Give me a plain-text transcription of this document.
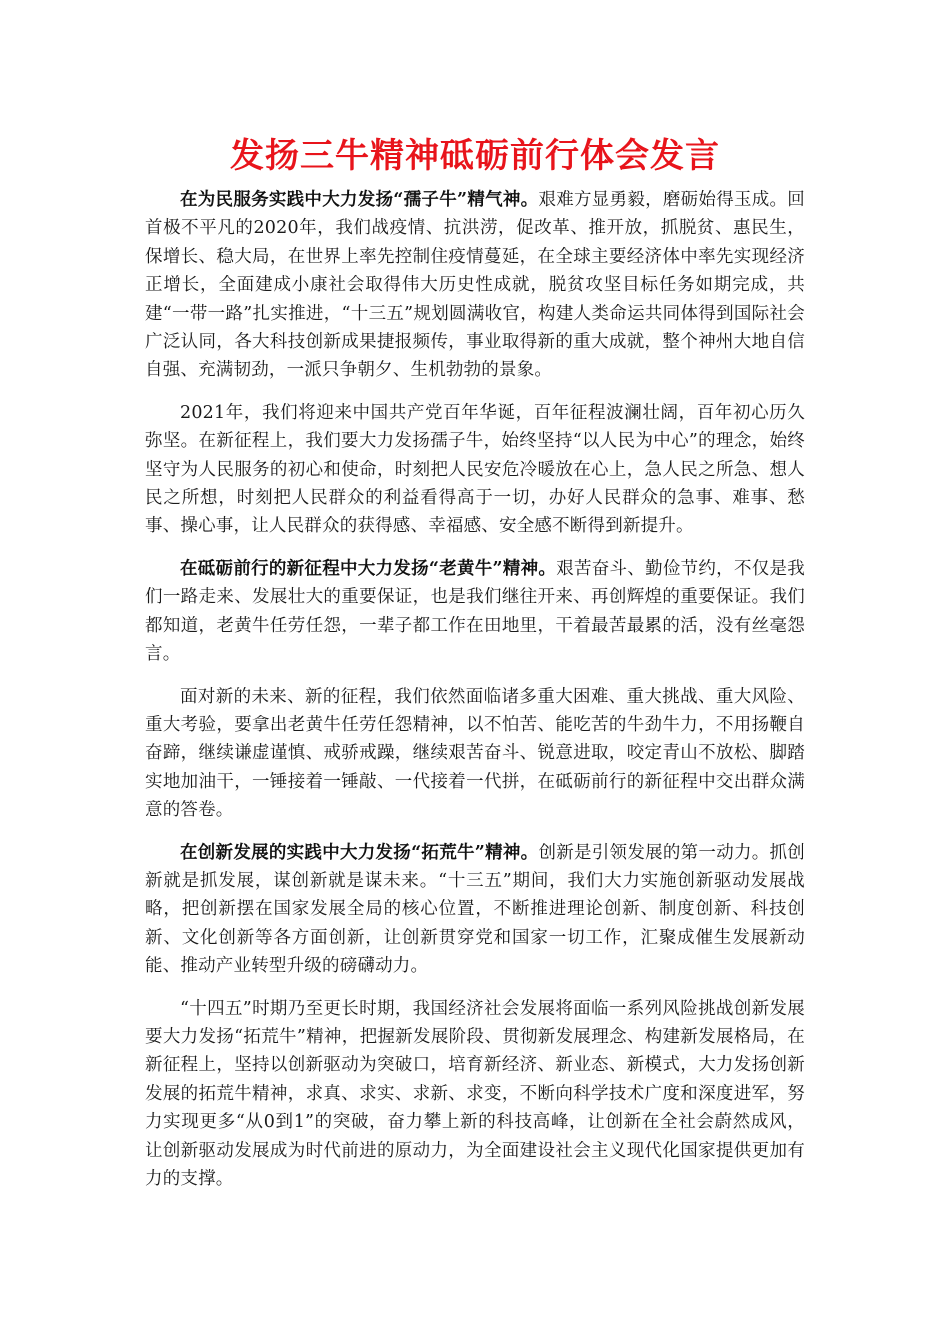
发扬三牛精神砥砺前行体会发言

在为民服务实践中大力发扬“孺子牛”精气神。艰难方显勇毅，磨砺始得玉成。回首极不平凡的2020年，我们战疫情、抗洪涝，促改革、推开放，抓脱贫、惠民生，保增长、稳大局，在世界上率先控制住疫情蔓延，在全球主要经济体中率先实现经济正增长，全面建成小康社会取得伟大历史性成就，脱贫攻坚目标任务如期完成，共建“一带一路”扎实推进，“十三五”规划圆满收官，构建人类命运共同体得到国际社会广泛认同，各大科技创新成果捷报频传，事业取得新的重大成就，整个神州大地自信自强、充满韧劲，一派只争朝夕、生机勃勃的景象。

2021年，我们将迎来中国共产党百年华诞，百年征程波澜壮阔，百年初心历久弥坚。在新征程上，我们要大力发扬孺子牛，始终坚持“以人民为中心”的理念，始终坚守为人民服务的初心和使命，时刻把人民安危冷暖放在心上，急人民之所急、想人民之所想，时刻把人民群众的利益看得高于一切，办好人民群众的急事、难事、愁事、操心事，让人民群众的获得感、幸福感、安全感不断得到新提升。

在砥砺前行的新征程中大力发扬“老黄牛”精神。艰苦奋斗、勤俭节约，不仅是我们一路走来、发展壮大的重要保证，也是我们继往开来、再创辉煌的重要保证。我们都知道，老黄牛任劳任怨，一辈子都工作在田地里，干着最苦最累的活，没有丝毫怨言。

面对新的未来、新的征程，我们依然面临诸多重大困难、重大挑战、重大风险、重大考验，要拿出老黄牛任劳任怨精神，以不怕苦、能吃苦的牛劲牛力，不用扬鞭自奋蹄，继续谦虚谨慎、戒骄戒躁，继续艰苦奋斗、锐意进取，咬定青山不放松、脚踏实地加油干，一锤接着一锤敲、一代接着一代拼，在砥砺前行的新征程中交出群众满意的答卷。

在创新发展的实践中大力发扬“拓荒牛”精神。创新是引领发展的第一动力。抓创新就是抓发展，谋创新就是谋未来。“十三五”期间，我们大力实施创新驱动发展战略，把创新摆在国家发展全局的核心位置，不断推进理论创新、制度创新、科技创新、文化创新等各方面创新，让创新贯穿党和国家一切工作，汇聚成催生发展新动能、推动产业转型升级的磅礴动力。

“十四五”时期乃至更长时期，我国经济社会发展将面临一系列风险挑战创新发展要大力发扬“拓荒牛”精神，把握新发展阶段、贯彻新发展理念、构建新发展格局，在新征程上，坚持以创新驱动为突破口，培育新经济、新业态、新模式，大力发扬创新发展的拓荒牛精神，求真、求实、求新、求变，不断向科学技术广度和深度进军，努力实现更多“从0到1”的突破，奋力攀上新的科技高峰，让创新在全社会蔚然成风，让创新驱动发展成为时代前进的原动力，为全面建设社会主义现代化国家提供更加有力的支撑。
